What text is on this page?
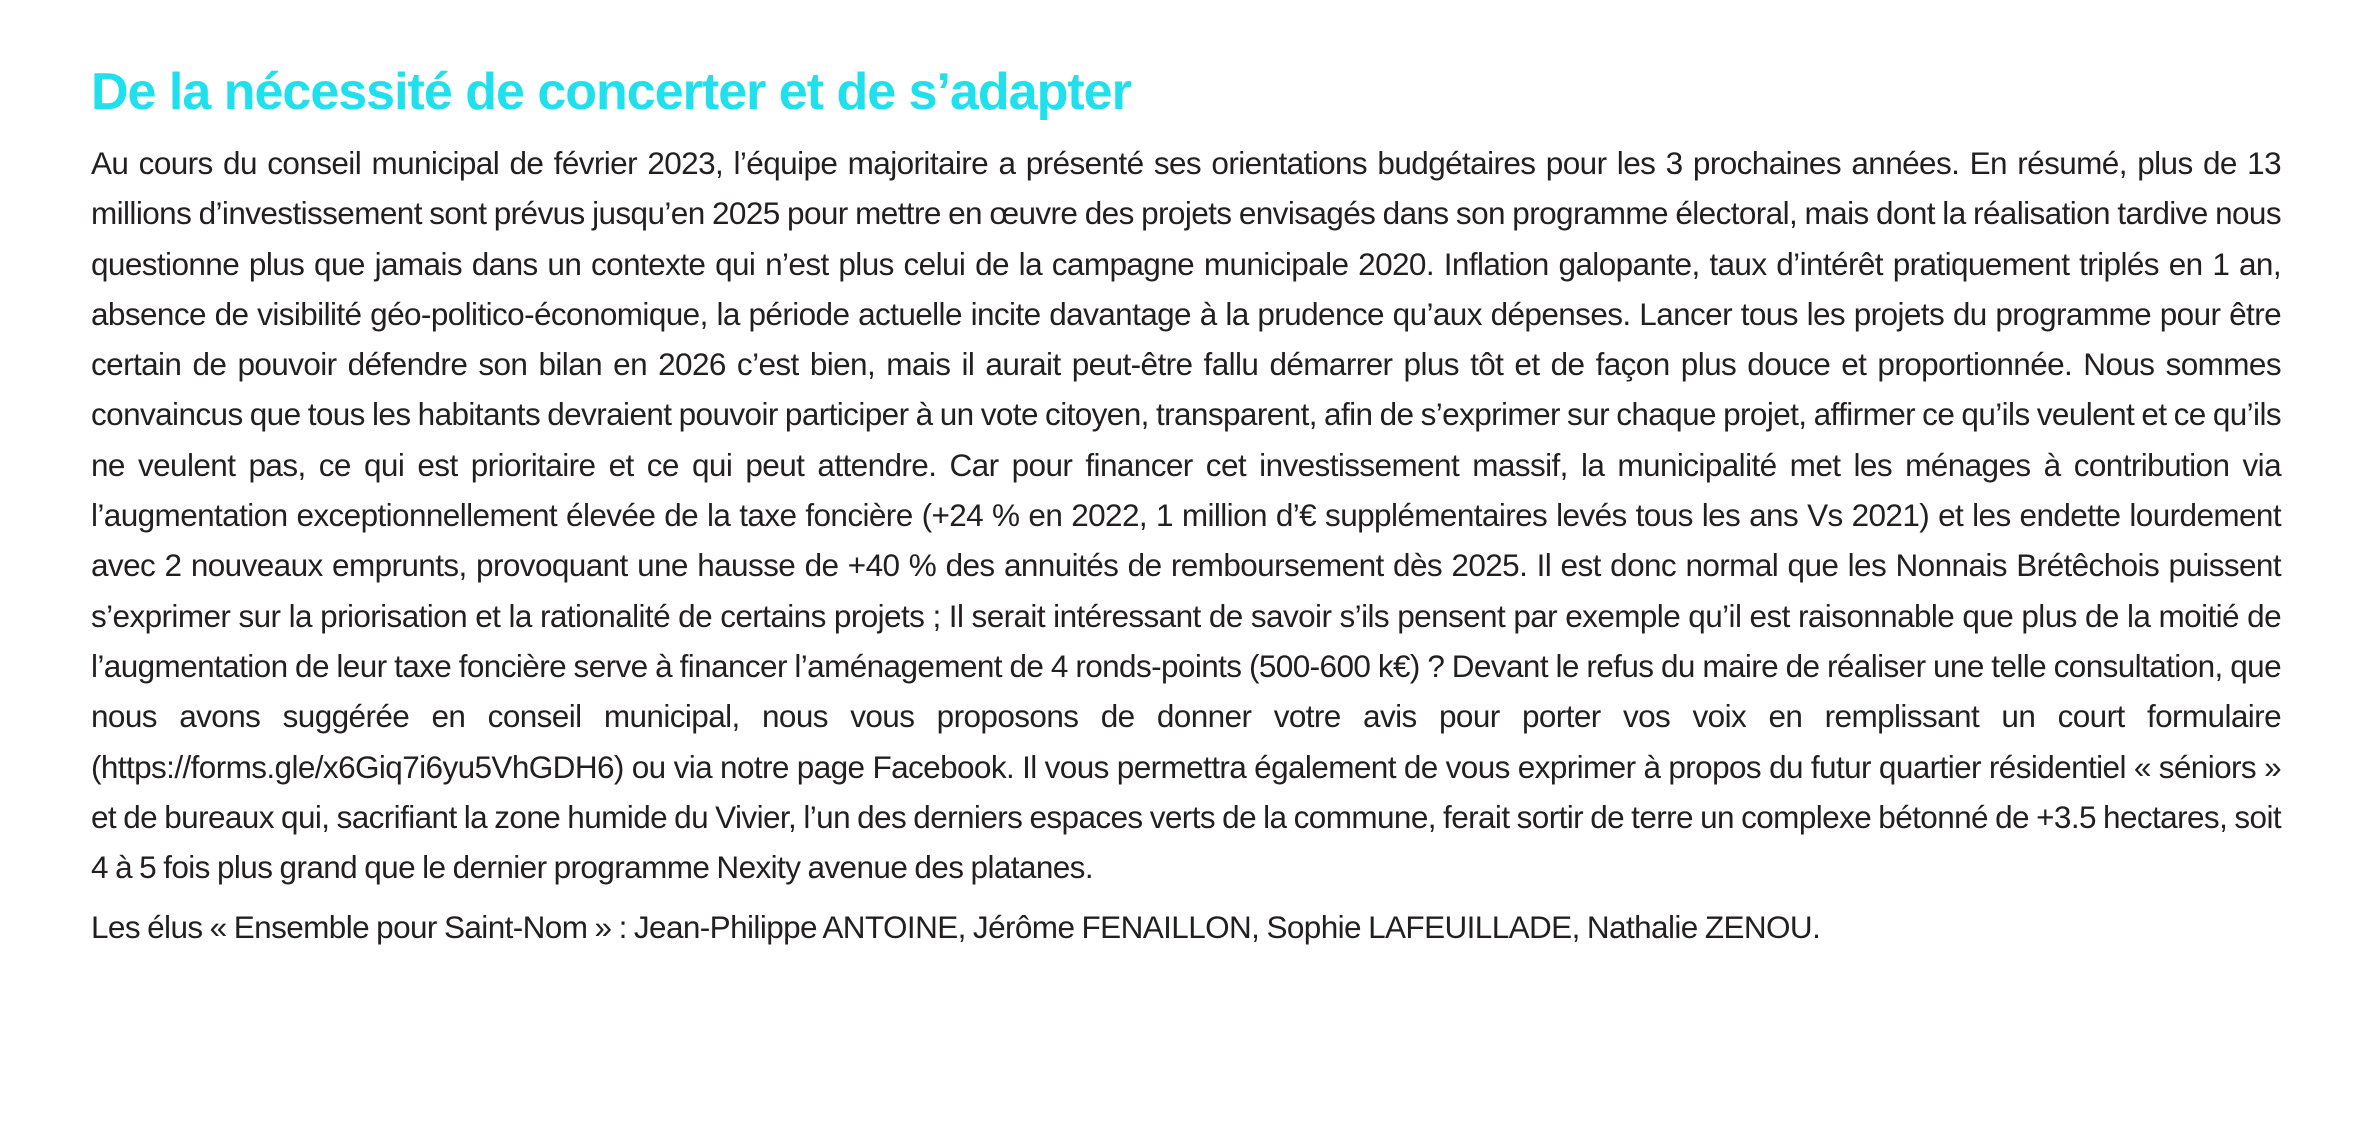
De la nécessité de concerter et de s’adapter

Au cours du conseil municipal de février 2023, l’équipe majoritaire a présenté ses orientations budgétaires pour les 3 prochaines années. En résumé, plus de 13 millions d’investissement sont prévus jusqu’en 2025 pour mettre en œuvre des projets envisagés dans son programme électoral, mais dont la réalisation tardive nous questionne plus que jamais dans un contexte qui n’est plus celui de la campagne municipale 2020. Inflation galopante, taux d’intérêt pratiquement triplés en 1 an, absence de visibilité géo-politico-économique, la période actuelle incite davantage à la prudence qu’aux dépenses. Lancer tous les projets du programme pour être certain de pouvoir défendre son bilan en 2026 c’est bien, mais il aurait peut-être fallu démarrer plus tôt et de façon plus douce et proportionnée. Nous sommes convaincus que tous les habitants devraient pouvoir participer à un vote citoyen, transparent, afin de s’exprimer sur chaque projet, affirmer ce qu’ils veulent et ce qu’ils ne veulent pas, ce qui est prioritaire et ce qui peut attendre. Car pour financer cet investissement massif, la municipalité met les ménages à contribution via l’augmentation exceptionnellement élevée de la taxe foncière (+24 % en 2022, 1 million d’€ supplémentaires levés tous les ans Vs 2021) et les endette lourdement avec 2 nouveaux emprunts, provoquant une hausse de +40 % des annuités de remboursement dès 2025. Il est donc normal que les Nonnais Brétêchois puissent s’exprimer sur la priorisation et la rationalité de certains projets ; Il serait intéressant de savoir s’ils pensent par exemple qu’il est raisonnable que plus de la moitié de l’augmentation de leur taxe foncière serve à financer l’aménagement de 4 ronds-points (500-600 k€) ? Devant le refus du maire de réaliser une telle consultation, que nous avons suggérée en conseil municipal, nous vous proposons de donner votre avis pour porter vos voix en remplissant un court formulaire (https://forms.gle/x6Giq7i6yu5VhGDH6) ou via notre page Facebook. Il vous permettra également de vous exprimer à propos du futur quartier résidentiel « séniors » et de bureaux qui, sacrifiant la zone humide du Vivier, l’un des derniers espaces verts de la commune, ferait sortir de terre un complexe bétonné de +3.5 hectares, soit 4 à 5 fois plus grand que le dernier programme Nexity avenue des platanes.

Les élus « Ensemble pour Saint-Nom » : Jean-Philippe ANTOINE, Jérôme FENAILLON, Sophie LAFEUILLADE, Nathalie ZENOU.
